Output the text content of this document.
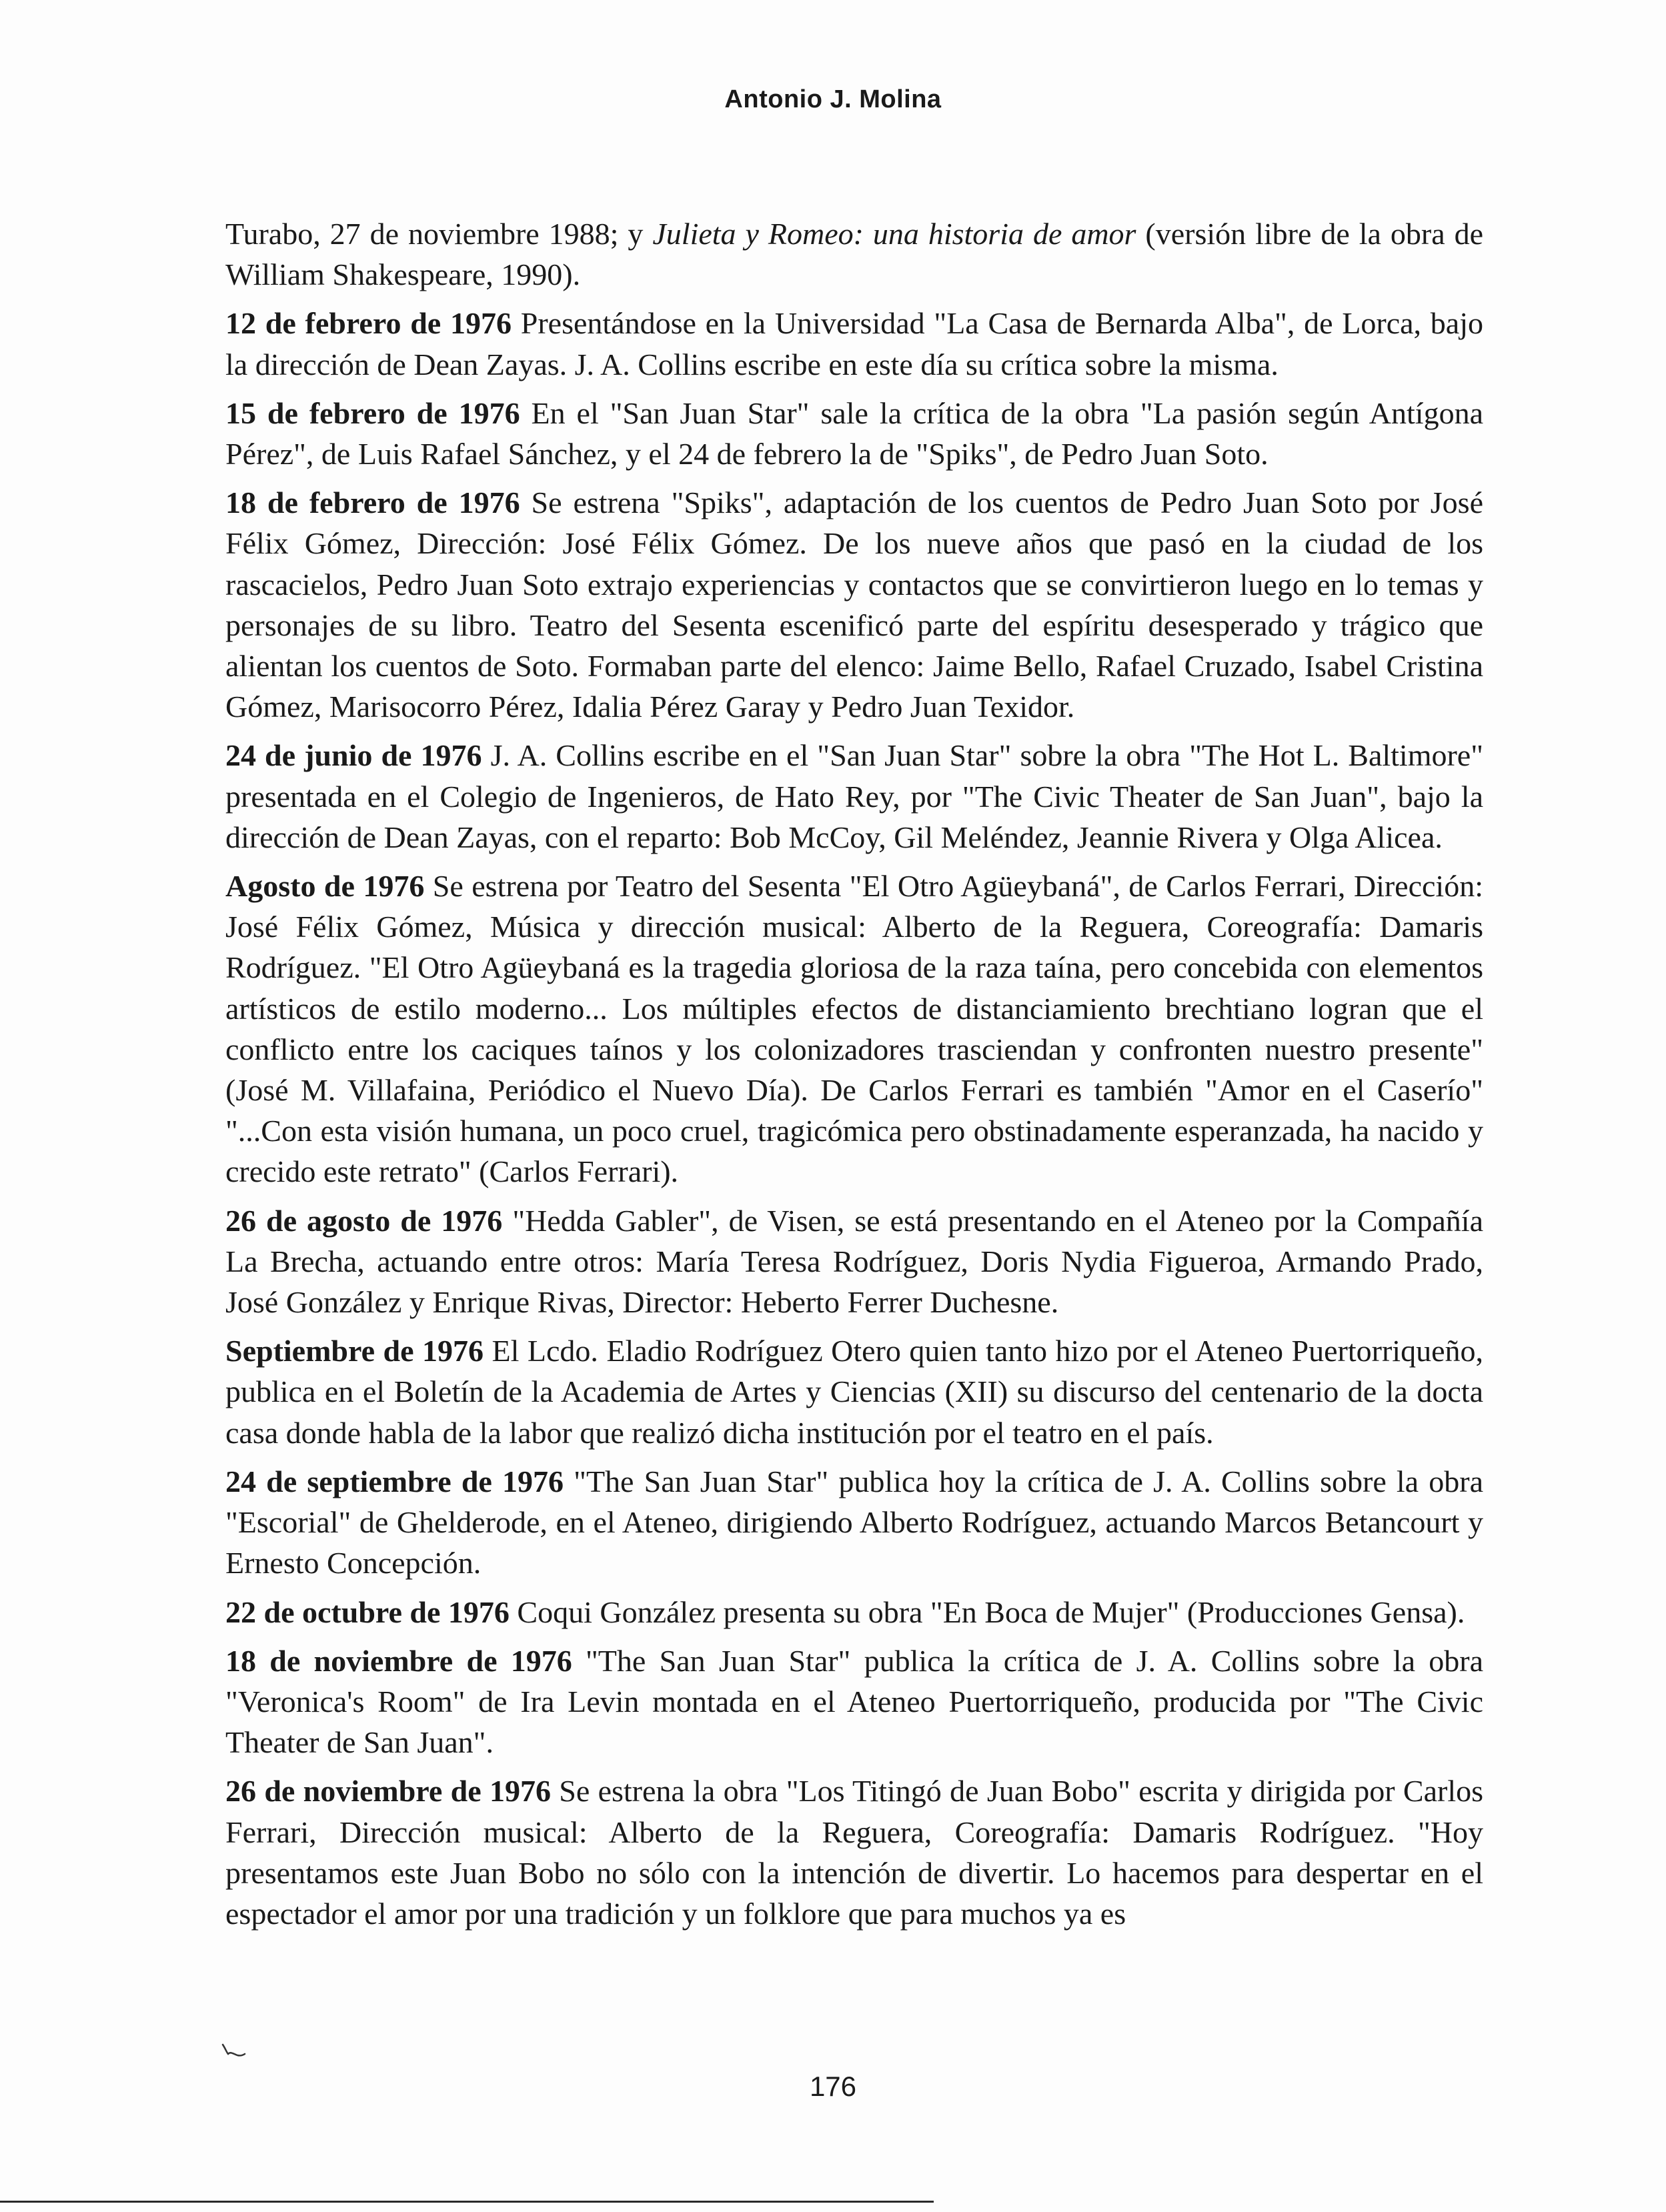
Antonio J. Molina

Turabo, 27 de noviembre 1988; y Julieta y Romeo: una historia de amor (versión libre de la obra de William Shakespeare, 1990).

12 de febrero de 1976 Presentándose en la Universidad "La Casa de Bernarda Alba", de Lorca, bajo la dirección de Dean Zayas. J. A. Collins escribe en este día su crítica sobre la misma.

15 de febrero de 1976 En el "San Juan Star" sale la crítica de la obra "La pasión según Antígona Pérez", de Luis Rafael Sánchez, y el 24 de febrero la de "Spiks", de Pedro Juan Soto.

18 de febrero de 1976 Se estrena "Spiks", adaptación de los cuentos de Pedro Juan Soto por José Félix Gómez, Dirección: José Félix Gómez. De los nueve años que pasó en la ciudad de los rascacielos, Pedro Juan Soto extrajo experiencias y contactos que se convirtieron luego en lo temas y personajes de su libro. Teatro del Sesenta escenificó parte del espíritu desesperado y trágico que alientan los cuentos de Soto. Formaban parte del elenco: Jaime Bello, Rafael Cruzado, Isabel Cristina Gómez, Marisocorro Pérez, Idalia Pérez Garay y Pedro Juan Texidor.

24 de junio de 1976 J. A. Collins escribe en el "San Juan Star" sobre la obra "The Hot L. Baltimore" presentada en el Colegio de Ingenieros, de Hato Rey, por "The Civic Theater de San Juan", bajo la dirección de Dean Zayas, con el reparto: Bob McCoy, Gil Meléndez, Jeannie Rivera y Olga Alicea.

Agosto de 1976 Se estrena por Teatro del Sesenta "El Otro Agüeybaná", de Carlos Ferrari, Dirección: José Félix Gómez, Música y dirección musical: Alberto de la Reguera, Coreografía: Damaris Rodríguez. "El Otro Agüeybaná es la tragedia gloriosa de la raza taína, pero concebida con elementos artísticos de estilo moderno... Los múltiples efectos de distanciamiento brechtiano logran que el conflicto entre los caciques taínos y los colonizadores trasciendan y confronten nuestro presente" (José M. Villafaina, Periódico el Nuevo Día). De Carlos Ferrari es también "Amor en el Caserío" "...Con esta visión humana, un poco cruel, tragicómica pero obstinadamente esperanzada, ha nacido y crecido este retrato" (Carlos Ferrari).

26 de agosto de 1976 "Hedda Gabler", de Visen, se está presentando en el Ateneo por la Compañía La Brecha, actuando entre otros: María Teresa Rodríguez, Doris Nydia Figueroa, Armando Prado, José González y Enrique Rivas, Director: Heberto Ferrer Duchesne.

Septiembre de 1976 El Lcdo. Eladio Rodríguez Otero quien tanto hizo por el Ateneo Puertorriqueño, publica en el Boletín de la Academia de Artes y Ciencias (XII) su discurso del centenario de la docta casa donde habla de la labor que realizó dicha institución por el teatro en el país.

24 de septiembre de 1976 "The San Juan Star" publica hoy la crítica de J. A. Collins sobre la obra "Escorial" de Ghelderode, en el Ateneo, dirigiendo Alberto Rodríguez, actuando Marcos Betancourt y Ernesto Concepción.

22 de octubre de 1976 Coqui González presenta su obra "En Boca de Mujer" (Producciones Gensa).

18 de noviembre de 1976 "The San Juan Star" publica la crítica de J. A. Collins sobre la obra "Veronica's Room" de Ira Levin montada en el Ateneo Puertorriqueño, producida por "The Civic Theater de San Juan".

26 de noviembre de 1976 Se estrena la obra "Los Titingó de Juan Bobo" escrita y dirigida por Carlos Ferrari, Dirección musical: Alberto de la Reguera, Coreografía: Damaris Rodríguez. "Hoy presentamos este Juan Bobo no sólo con la intención de divertir. Lo hacemos para despertar en el espectador el amor por una tradición y un folklore que para muchos ya es

176
